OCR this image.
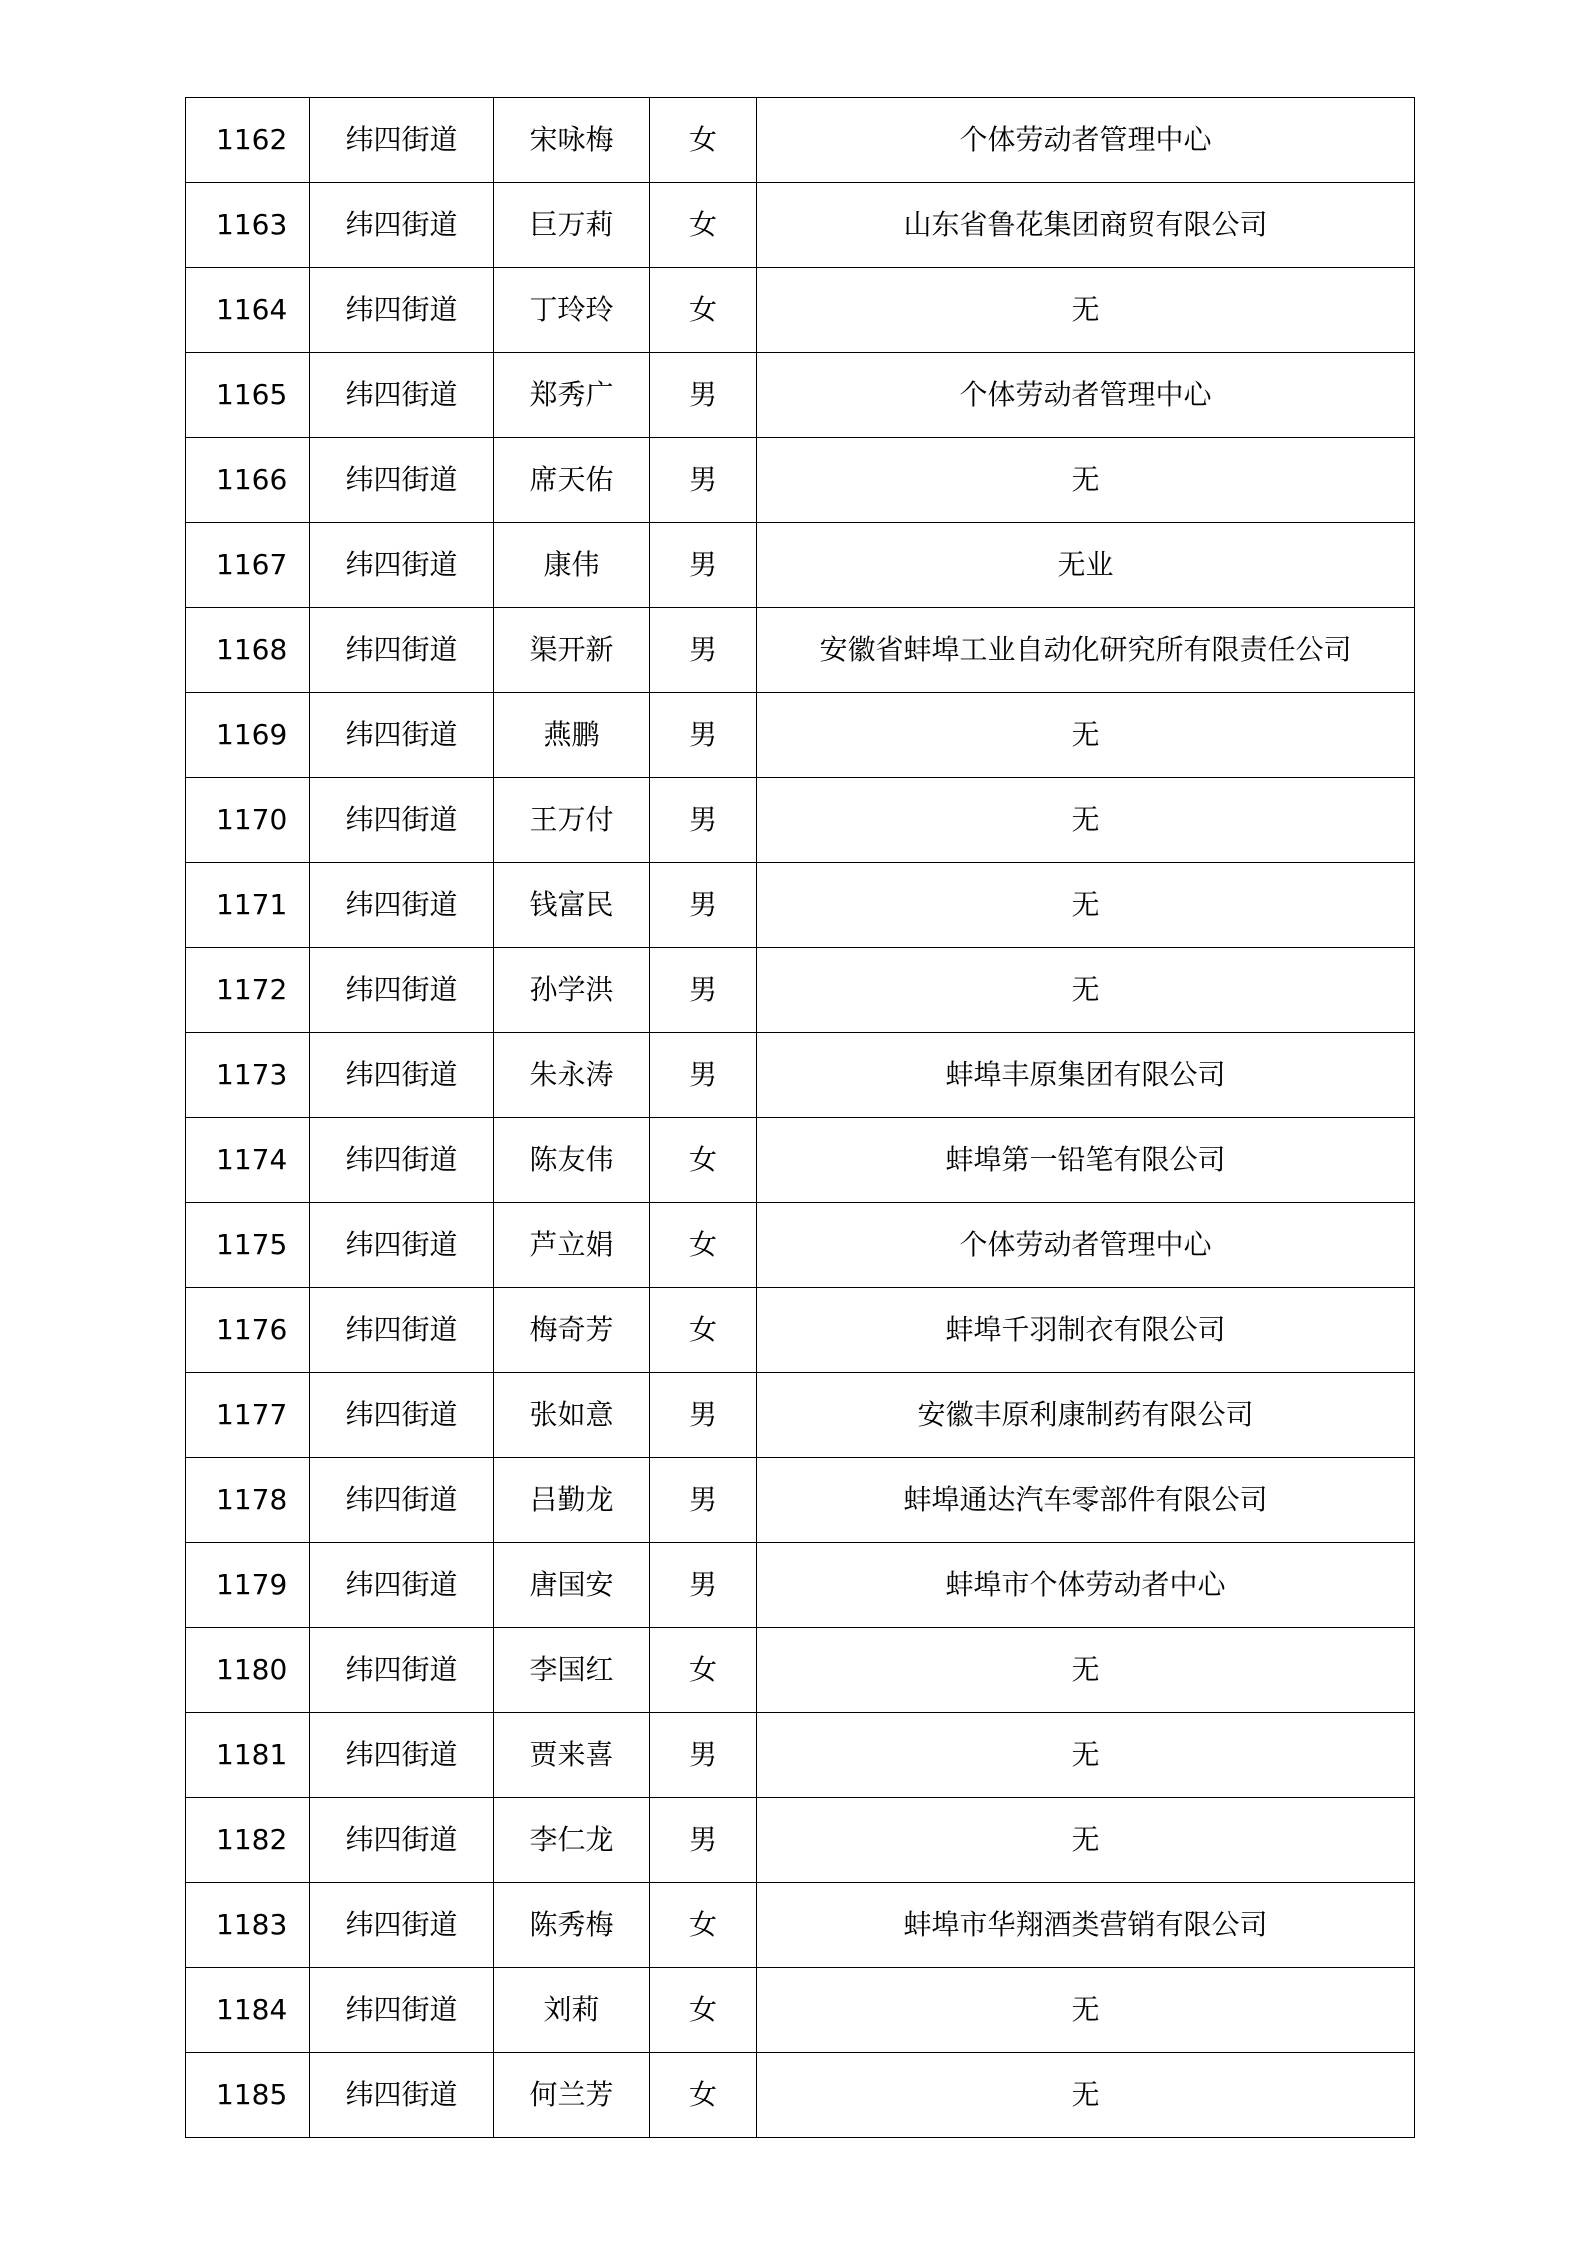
1162	纬四街道	宋咏梅	女	个体劳动者管理中心
1163	纬四街道	巨万莉	女	山东省鲁花集团商贸有限公司
1164	纬四街道	丁玲玲	女	无
1165	纬四街道	郑秀广	男	个体劳动者管理中心
1166	纬四街道	席天佑	男	无
1167	纬四街道	康伟	男	无业
1168	纬四街道	渠开新	男	安徽省蚌埠工业自动化研究所有限责任公司
1169	纬四街道	燕鹏	男	无
1170	纬四街道	王万付	男	无
1171	纬四街道	钱富民	男	无
1172	纬四街道	孙学洪	男	无
1173	纬四街道	朱永涛	男	蚌埠丰原集团有限公司
1174	纬四街道	陈友伟	女	蚌埠第一铅笔有限公司
1175	纬四街道	芦立娟	女	个体劳动者管理中心
1176	纬四街道	梅奇芳	女	蚌埠千羽制衣有限公司
1177	纬四街道	张如意	男	安徽丰原利康制药有限公司
1178	纬四街道	吕勤龙	男	蚌埠通达汽车零部件有限公司
1179	纬四街道	唐国安	男	蚌埠市个体劳动者中心
1180	纬四街道	李国红	女	无
1181	纬四街道	贾来喜	男	无
1182	纬四街道	李仁龙	男	无
1183	纬四街道	陈秀梅	女	蚌埠市华翔酒类营销有限公司
1184	纬四街道	刘莉	女	无
1185	纬四街道	何兰芳	女	无
